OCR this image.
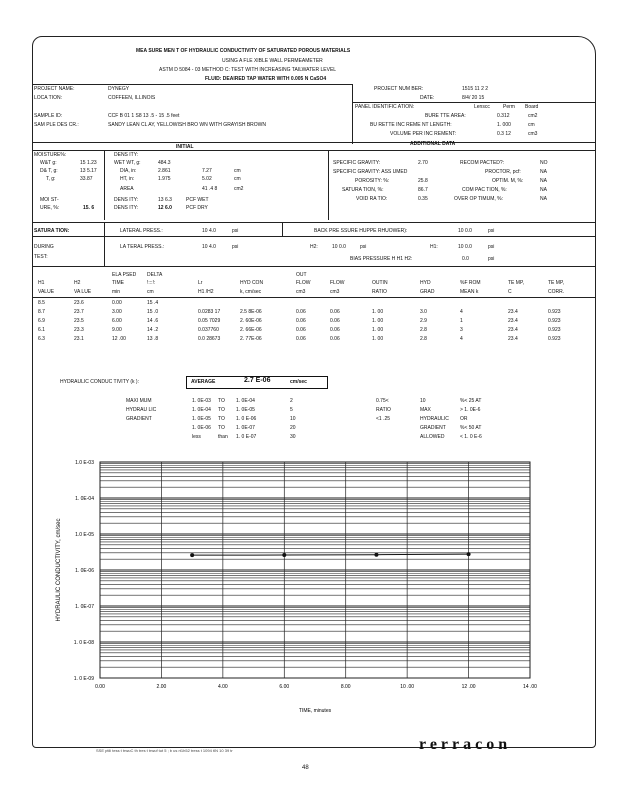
MEA SURE MEN T OF HYDRAULIC CONDUCTIVITY OF SATURATED POROUS MATERIALS
USING A FLE XIBLE WALL PERMEAMETER
ASTM D 5084 - 03 METHOD C: TEST WITH INCREASING TAILWATER LEVEL
FLUID: DEAIRED TAP WATER WITH 0.005 N CaSO4
PROJECT NAME:	DYNEGY
LOCA TION:	COFFEEN, ILLINOIS
PROJECT NUM BER:	1515 11 2 2
DATE:	8/4/ 20 15
PANEL IDENTIFIC ATION:	Lenscc	Perm Board
SAMPLE ID:	CCF B 01 1 S8 13 .5 - 15 .5 feet
SAM PLE DES CR.:	SANDY LEAN CL AY, YELLOWISH BRO WN WITH GRAYISH BROWN
BURE TTE AREA:	0.312	cm2
BU RETTE INC REME NT LENGTH:	1. 000	cm
VOLUME PER INC REMENT:	0.3 12	cm3
INITIAL	ADDITIONAL DATA
MOISTURE%:
W&T g:	15 1.23
D& T, g:	13 5.17
T, g:	33.87
MOI ST-
URE, %:	15. 6
DENS ITY:
WET WT, g:	484.3
DIA, in:	2.861	7.27	cm
HT, in:	1.975	5.02	cm
AREA	41 .4 8	cm2
DENS ITY:	13 6.3	PCF WET
DENS ITY:	12 6.0	PCF DRY
SPECIFIC GRAVITY:	2.70
SPECIFIC GRAVITY: ASS UMED
POROSITY: %:	25.8
SATURA TION, %:	86.7
VOID RA TIO:	0.35
RECOM PACTED?:	NO
PROCTOR, pcf:	NA
OPTIM. M, %:	NA
COM PAC TION, %:	NA
OVER OP TIMUM, %:	NA
SATURA TION:	LATERAL PRESS.:	10 4.0	psi	BACK PRE SSURE HUPPE RHUOWER):	10 0.0	psi
DURING
TEST:
LA TERAL PRESS.:	10 4.0	psi	H2:	10 0.0	psi	H1:	10 0.0	psi
BIAS PRESSURE H H1 H2:	0.0	psi
ELA PSED DELTA	OUT
H1	H2	TIME	!:::!:	Lr	HYD CON	FLOW	FLOW	OUTIN	HYD	%F ROM	TE MP,	TE MP,
VALUE	VA LUE	min	cm	H1 /H2	k, cm/sec	cm3	cm3	RATIO	GRAD	MEAN k	C	CORR.
8.5	23.6	0.00	15 .4
8.7	23.7	3.00	15 .0	0.0283 17	2.5 8E-06	0.06	0.06	1. 00	3.0	4	23.4	0.923
6.9	23.5	6.00	14 .6	0.05 7029	2. 60E-06	0.06	0.06	1. 00	2.9	1	23.4	0.923
6.1	23.3	9.00	14 .2	0.037760	2. 66E-06	0.06	0.06	1. 00	2.8	3	23.4	0.923
6.3	23.1	12 .00	13 .8	0.0 28673	2. 77E-06	0.06	0.06	1. 00	2.8	4	23.4	0.923
HYDRAULIC CONDUC TIVITY (k ):	AVERAGE	2.7 E-06	cm/sec
MAXI MUM	1. 0E-03 TO 1. 0E-04	2
HYDRAU LIC	1. 0E-04 TO 1. 0E-05	5
GRADIENT	1. 0E-05 TO 1. 0 E-06	10
1. 0E-06 TO 1. 0E-07	20
less	than 1. 0 E-07	30
0.75<	10	%< 25 AT
RATIO	MAX	> 1. 0E-6
<1 .25	HYDRAULIC OR
GRADIENT	%< 50 AT
ALLOWED	< 1. 0 E-6
0.00	2.00	4.00	6.00	8.00	10 .00	12 .00	14 .00
1.0 E-03
1. 0E-04
1.0 E-05
1. 0E-06
1. 0E-07
1. 0 E-08
1. 0 E-09
TIME, minutes
HYDRAULIC CONDUCTIVITY, cm/sec
SSE ptili tess t trwuC th tres t trwuf tut 5 ; b us rt1h52 tress t 1094 tIN 10 39 tr	rerracon
48
